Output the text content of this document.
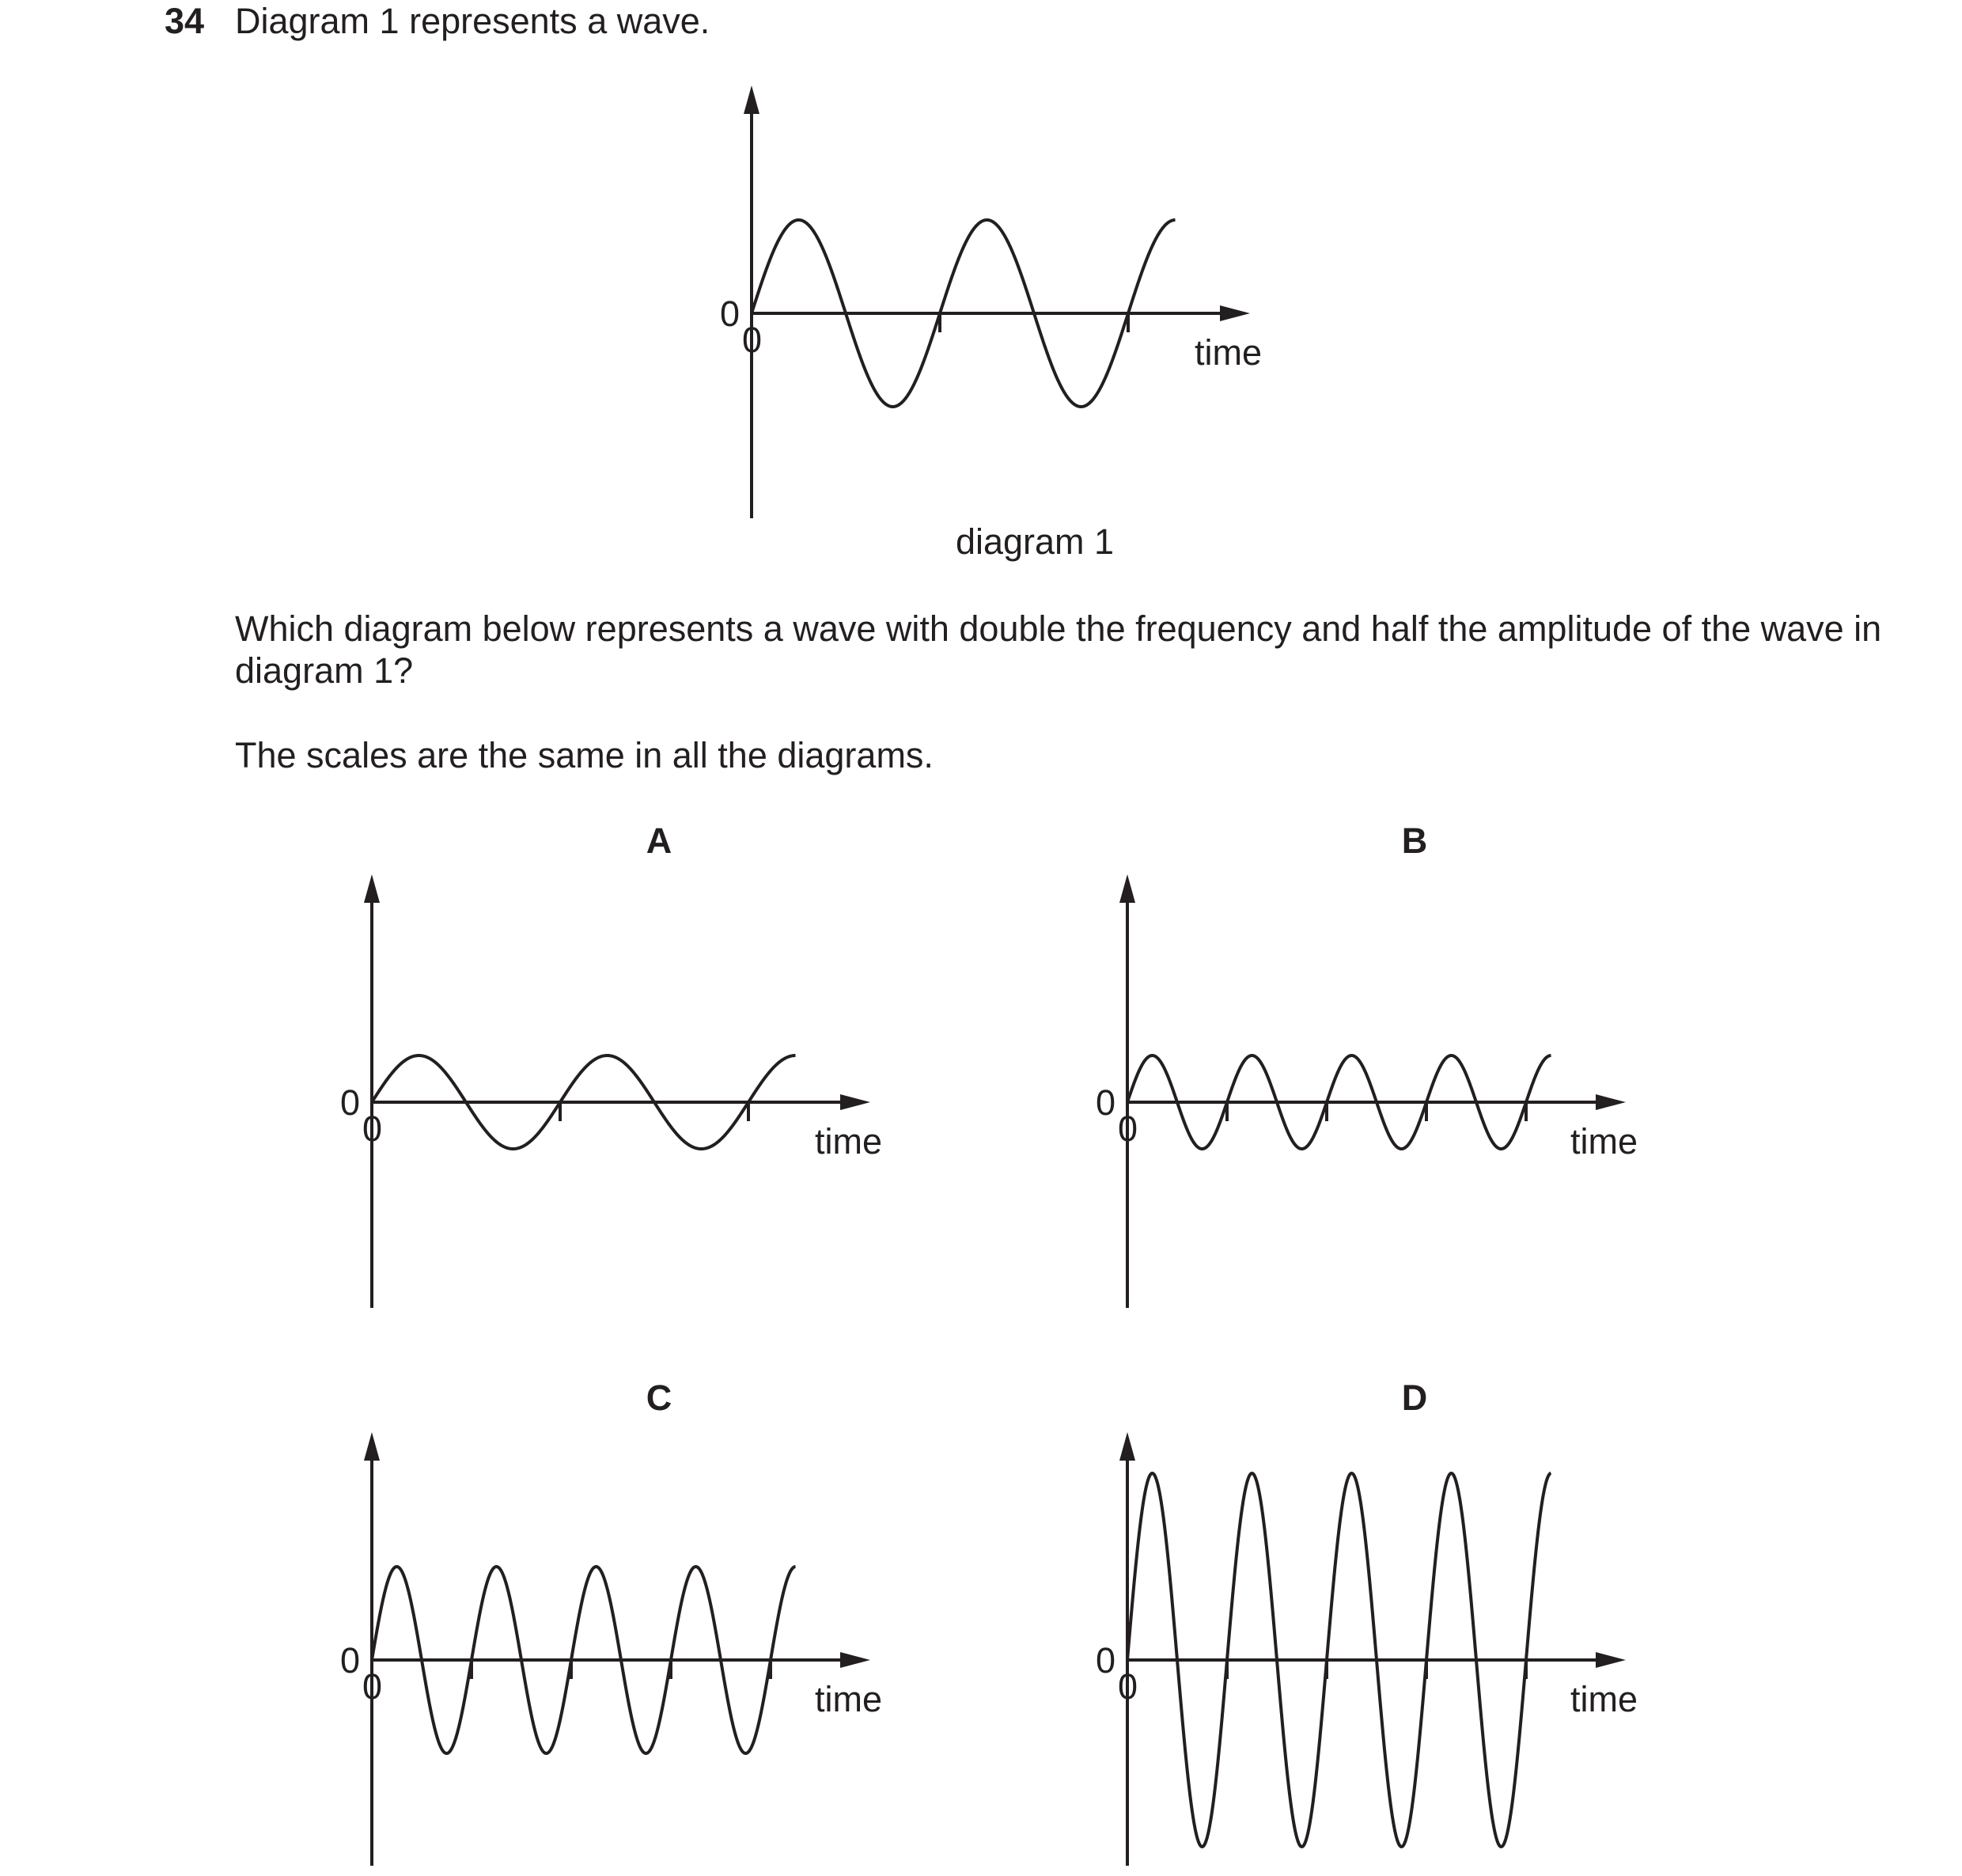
34 Diagram 1 represents a wave.
Which diagram below represents a wave with double the frequency and half the amplitude of the wave in diagram 1?
The scales are the same in all the diagrams.
0
0	time
diagram 1
0
0	time
A
0
0	time
B
0
0	time
C
0
0	time
D
